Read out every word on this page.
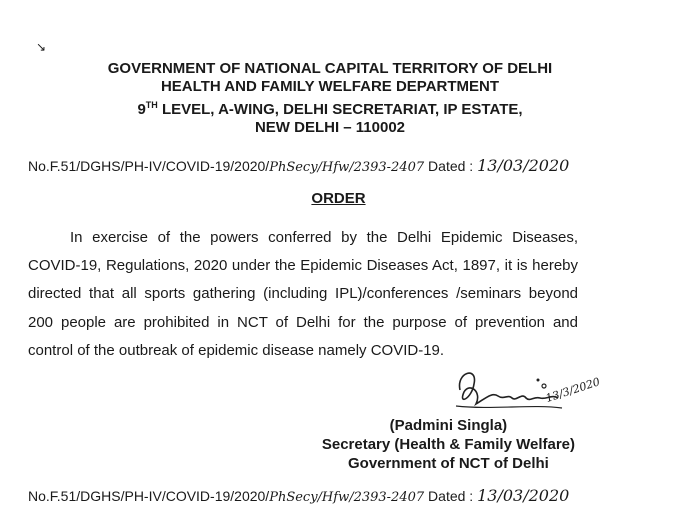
↘
GOVERNMENT OF NATIONAL CAPITAL TERRITORY OF DELHI
HEALTH AND FAMILY WELFARE DEPARTMENT
9TH LEVEL, A-WING, DELHI SECRETARIAT, IP ESTATE,
NEW DELHI – 110002
No.F.51/DGHS/PH-IV/COVID-19/2020/PhSecy/Hfw/2393-2407 Dated : 13/03/2020
ORDER
In exercise of the powers conferred by the Delhi Epidemic Diseases, COVID-19, Regulations, 2020 under the Epidemic Diseases Act, 1897, it is hereby directed that all sports gathering (including IPL)/conferences /seminars beyond 200 people are prohibited in NCT of Delhi for the purpose of prevention and control of the outbreak of epidemic disease namely COVID-19.
13/3/2020
(Padmini Singla)
Secretary (Health & Family Welfare)
Government of NCT of Delhi
No.F.51/DGHS/PH-IV/COVID-19/2020/PhSecy/Hfw/2393-2407 Dated : 13/03/2020
